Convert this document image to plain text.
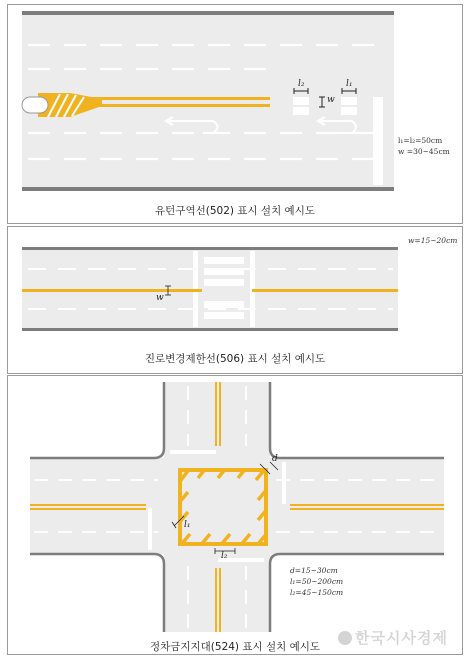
l₂	l₁
w
l₁=l₂=50cm
w =30~45cm
유턴구역선(502) 표시 설치 예시도
w=15~20cm
w
진로변경제한선(506) 표시 설치 예시도
d
l₁
l₂
d=15~30cm
l₁=50~200cm
l₂=45~150cm
한국시사경제
정차금지지대(524) 표시 설치 예시도
